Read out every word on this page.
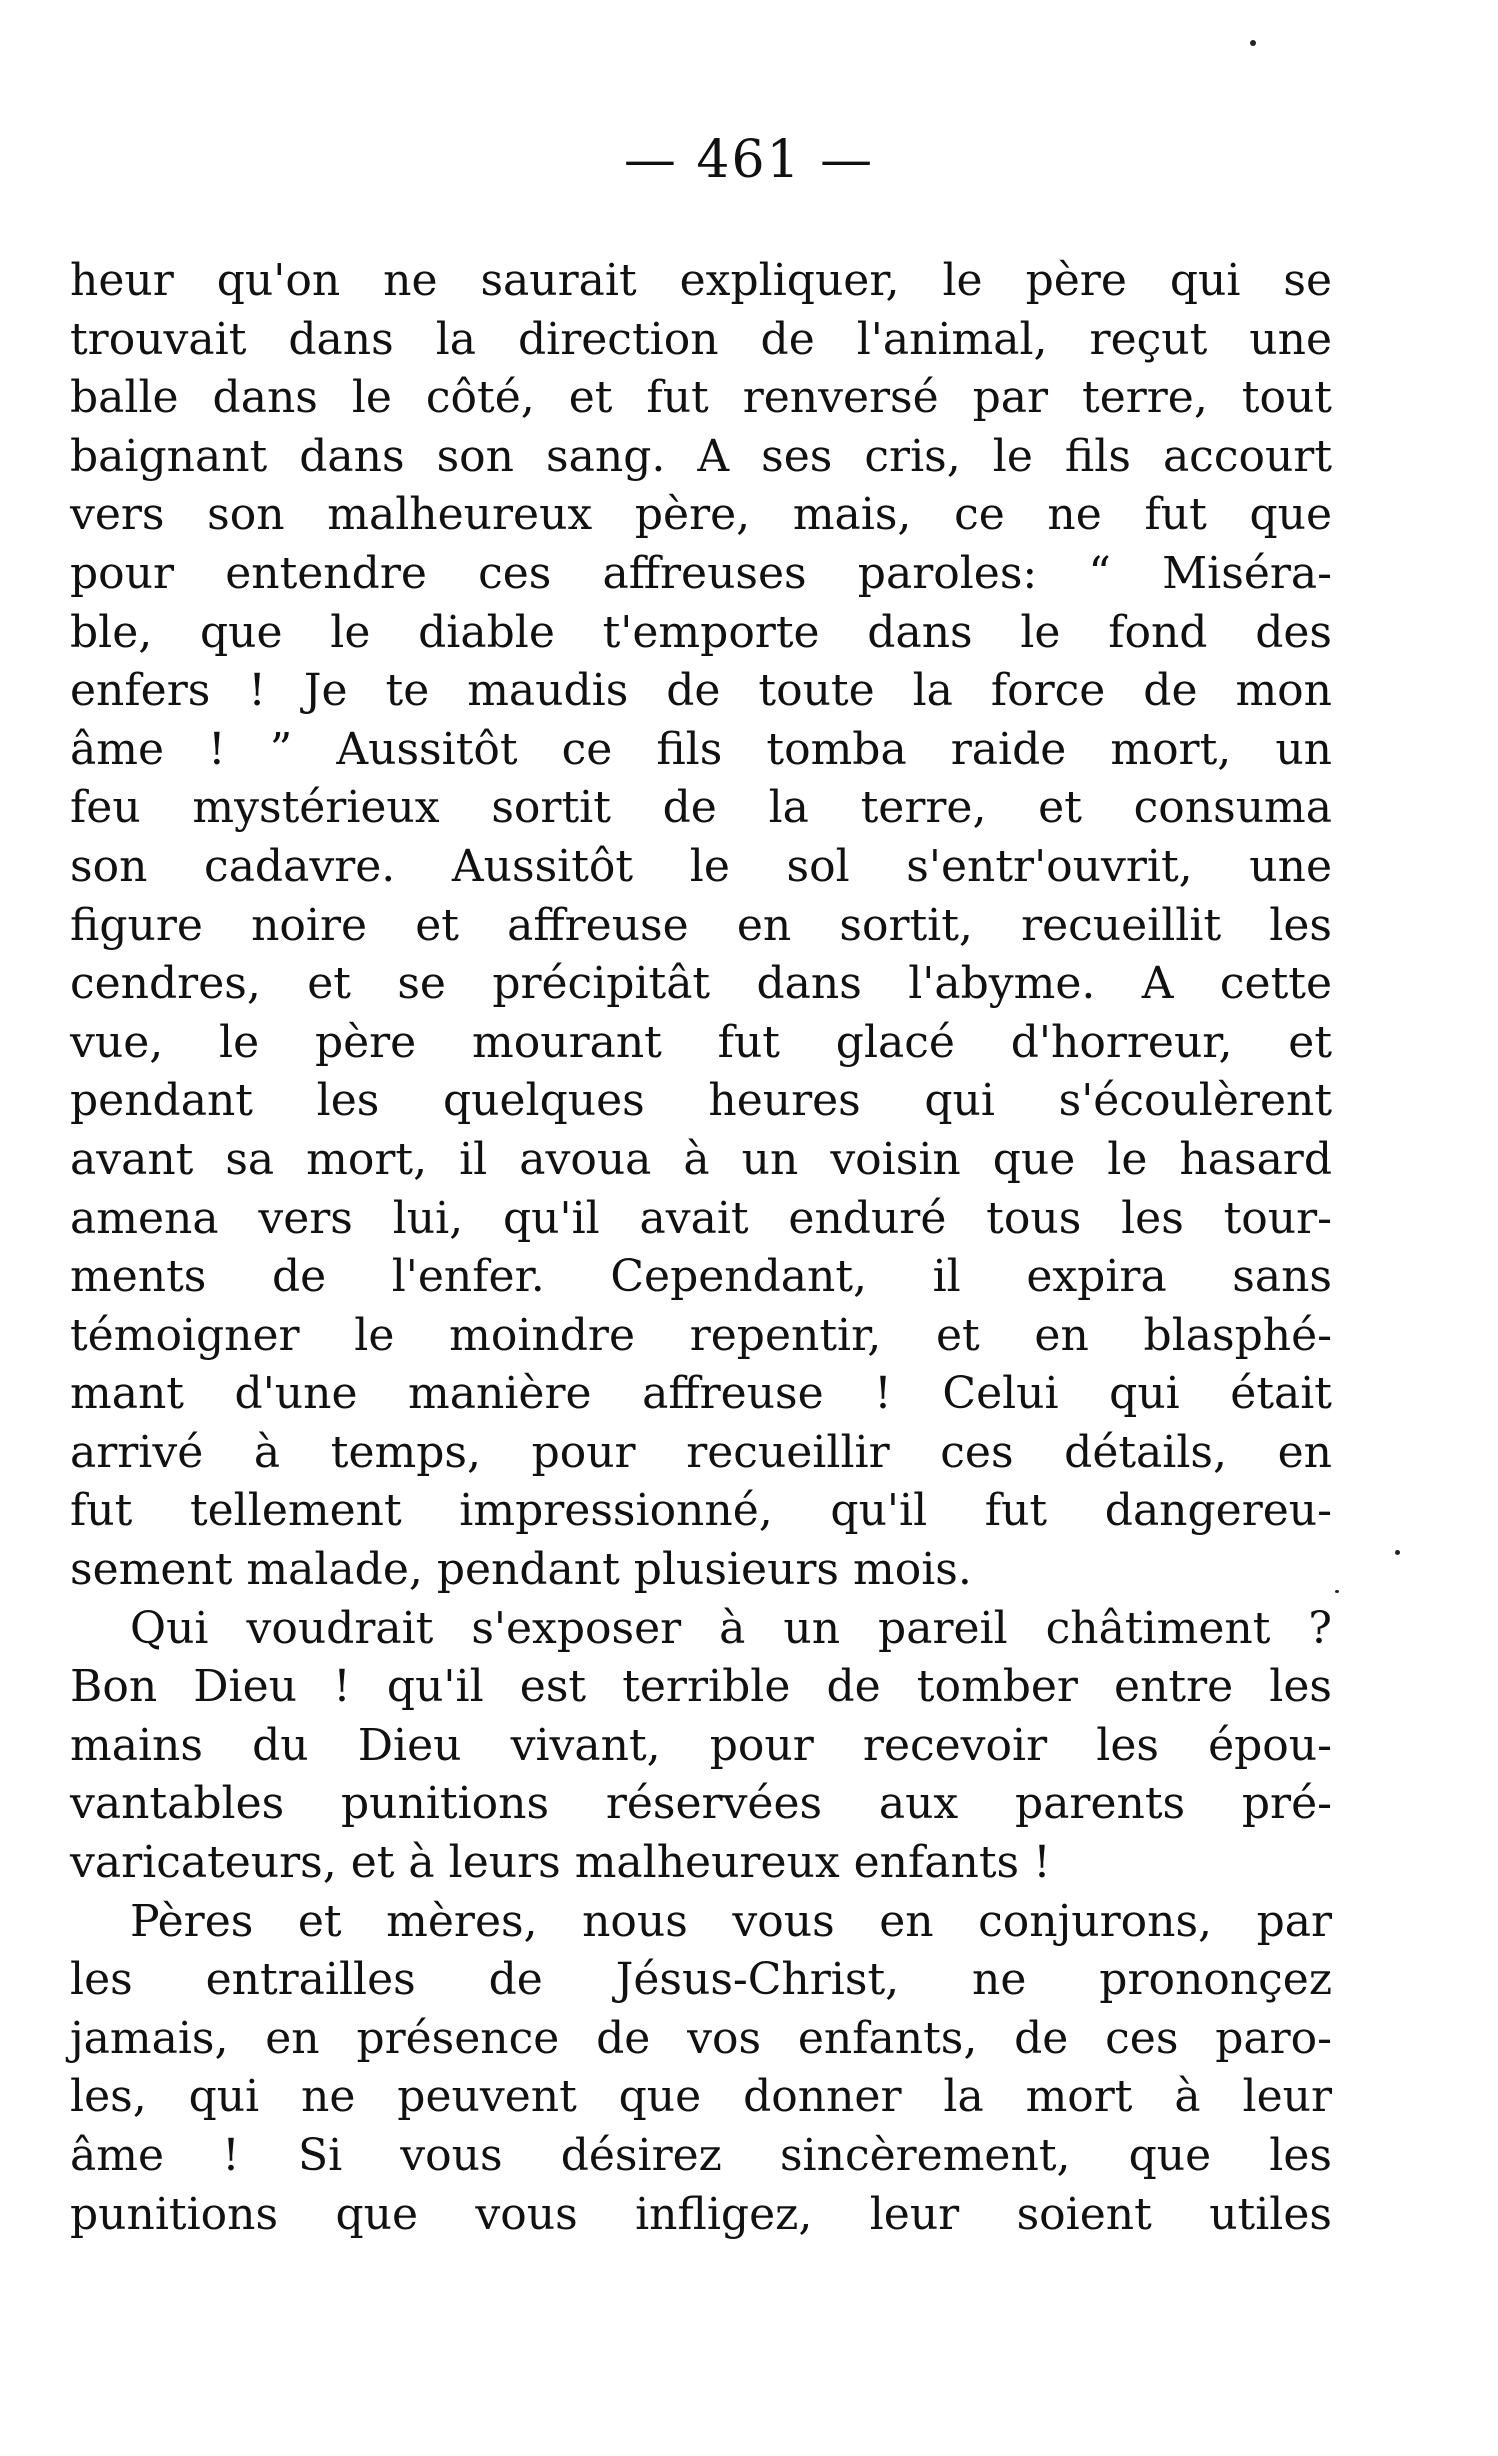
— 461 —
heur qu'on ne saurait expliquer, le père qui se
trouvait dans la direction de l'animal, reçut une
balle dans le côté, et fut renversé par terre, tout
baignant dans son sang. A ses cris, le fils accourt
vers son malheureux père, mais, ce ne fut que
pour entendre ces affreuses paroles: “ Miséra-
ble, que le diable t'emporte dans le fond des
enfers ! Je te maudis de toute la force de mon
âme ! ” Aussitôt ce fils tomba raide mort, un
feu mystérieux sortit de la terre, et consuma
son cadavre. Aussitôt le sol s'entr'ouvrit, une
figure noire et affreuse en sortit, recueillit les
cendres, et se précipitât dans l'abyme. A cette
vue, le père mourant fut glacé d'horreur, et
pendant les quelques heures qui s'écoulèrent
avant sa mort, il avoua à un voisin que le hasard
amena vers lui, qu'il avait enduré tous les tour-
ments de l'enfer. Cependant, il expira sans
témoigner le moindre repentir, et en blasphé-
mant d'une manière affreuse ! Celui qui était
arrivé à temps, pour recueillir ces détails, en
fut tellement impressionné, qu'il fut dangereu-
sement malade, pendant plusieurs mois.
Qui voudrait s'exposer à un pareil châtiment ?
Bon Dieu ! qu'il est terrible de tomber entre les
mains du Dieu vivant, pour recevoir les épou-
vantables punitions réservées aux parents pré-
varicateurs, et à leurs malheureux enfants !
Pères et mères, nous vous en conjurons, par
les entrailles de Jésus-Christ, ne prononçez
jamais, en présence de vos enfants, de ces paro-
les, qui ne peuvent que donner la mort à leur
âme ! Si vous désirez sincèrement, que les
punitions que vous infligez, leur soient utiles
